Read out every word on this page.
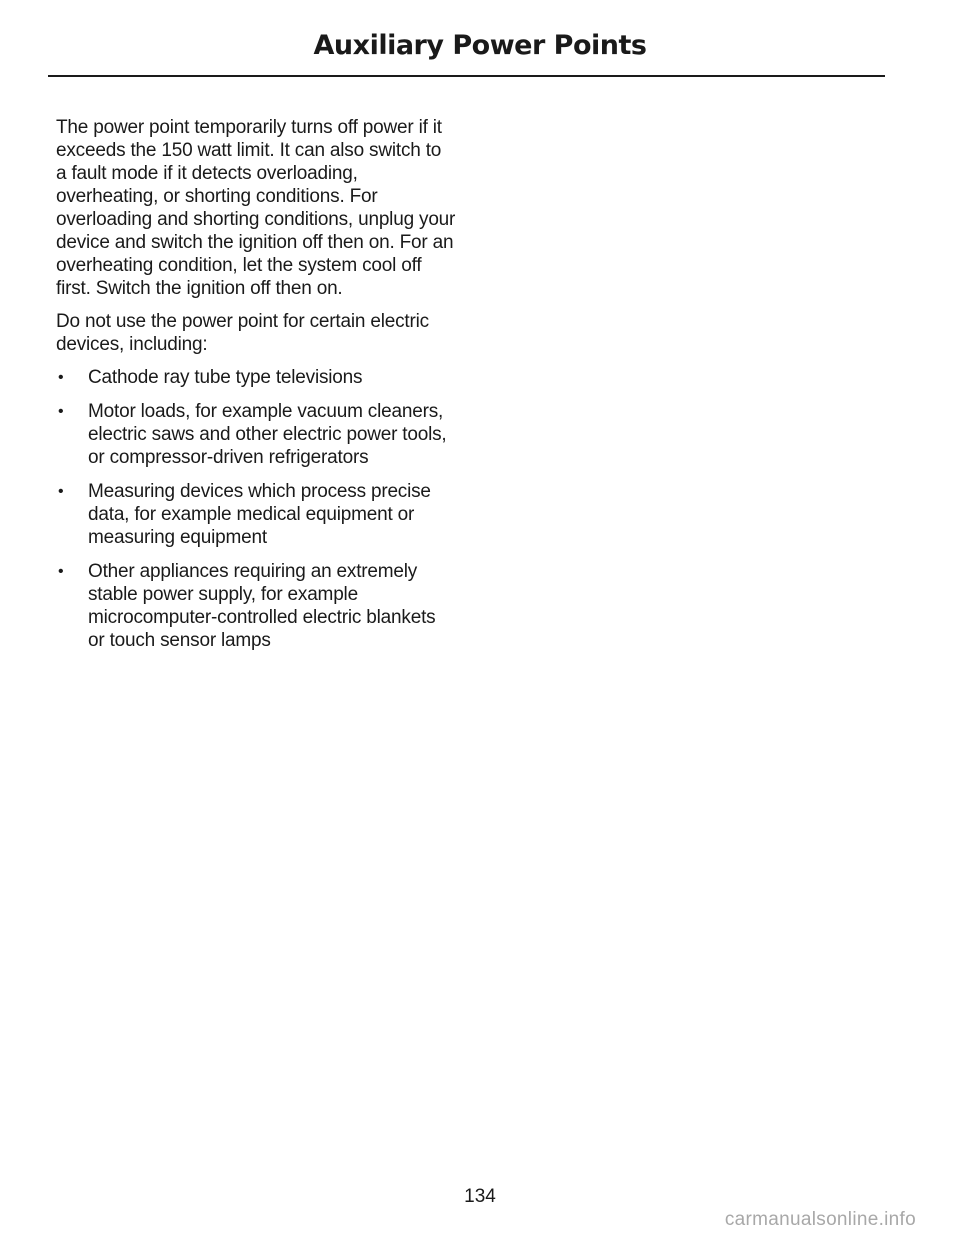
Auxiliary Power Points

The power point temporarily turns off power if it exceeds the 150 watt limit. It can also switch to a fault mode if it detects overloading, overheating, or shorting conditions. For overloading and shorting conditions, unplug your device and switch the ignition off then on. For an overheating condition, let the system cool off first. Switch the ignition off then on.

Do not use the power point for certain electric devices, including:

• Cathode ray tube type televisions
• Motor loads, for example vacuum cleaners, electric saws and other electric power tools, or compressor-driven refrigerators
• Measuring devices which process precise data, for example medical equipment or measuring equipment
• Other appliances requiring an extremely stable power supply, for example microcomputer-controlled electric blankets or touch sensor lamps
134
carmanualsonline.info
